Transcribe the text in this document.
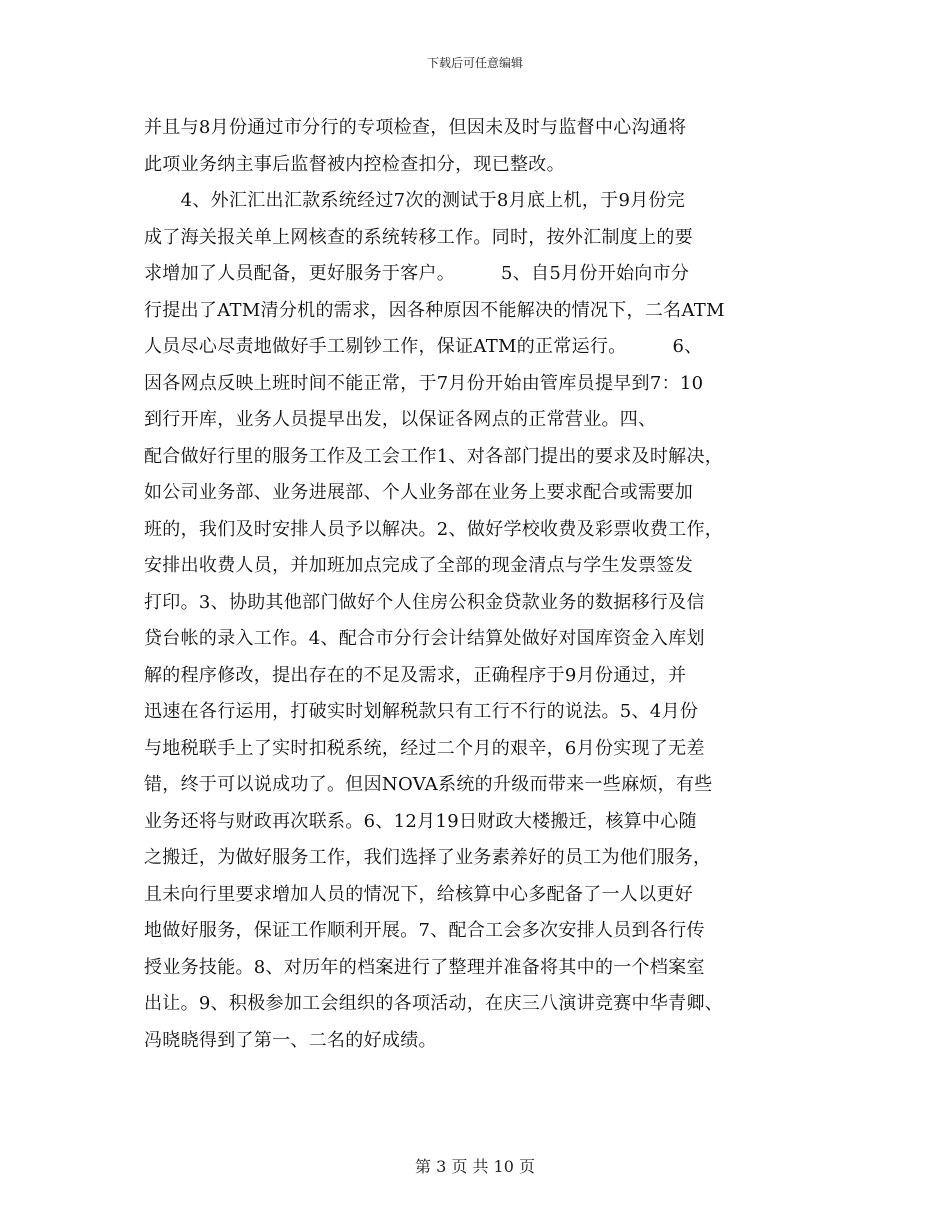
下载后可任意编辑
并且与8月份通过市分行的专项检查，但因未及时与监督中心沟通将
此项业务纳主事后监督被内控检查扣分，现已整改。
　　4、外汇汇出汇款系统经过7次的测试于8月底上机，于9月份完
成了海关报关单上网核查的系统转移工作。同时，按外汇制度上的要
求增加了人员配备，更好服务于客户。　　　5、自5月份开始向市分
行提出了ATM清分机的需求，因各种原因不能解决的情况下，二名ATM
人员尽心尽责地做好手工剔钞工作，保证ATM的正常运行。　　　6、
因各网点反映上班时间不能正常，于7月份开始由管库员提早到7：10
到行开库，业务人员提早出发，以保证各网点的正常营业。四、
配合做好行里的服务工作及工会工作1、对各部门提出的要求及时解决，
如公司业务部、业务进展部、个人业务部在业务上要求配合或需要加
班的，我们及时安排人员予以解决。2、做好学校收费及彩票收费工作，
安排出收费人员，并加班加点完成了全部的现金清点与学生发票签发
打印。3、协助其他部门做好个人住房公积金贷款业务的数据移行及信
贷台帐的录入工作。4、配合市分行会计结算处做好对国库资金入库划
解的程序修改，提出存在的不足及需求，正确程序于9月份通过，并
迅速在各行运用，打破实时划解税款只有工行不行的说法。5、4月份
与地税联手上了实时扣税系统，经过二个月的艰辛，6月份实现了无差
错，终于可以说成功了。但因NOVA系统的升级而带来一些麻烦，有些
业务还将与财政再次联系。6、12月19日财政大楼搬迁，核算中心随
之搬迁，为做好服务工作，我们选择了业务素养好的员工为他们服务，
且未向行里要求增加人员的情况下，给核算中心多配备了一人以更好
地做好服务，保证工作顺利开展。7、配合工会多次安排人员到各行传
授业务技能。8、对历年的档案进行了整理并准备将其中的一个档案室
出让。9、积极参加工会组织的各项活动，在庆三八演讲竞赛中华青卿、
冯晓晓得到了第一、二名的好成绩。
第 3 页 共 10 页
